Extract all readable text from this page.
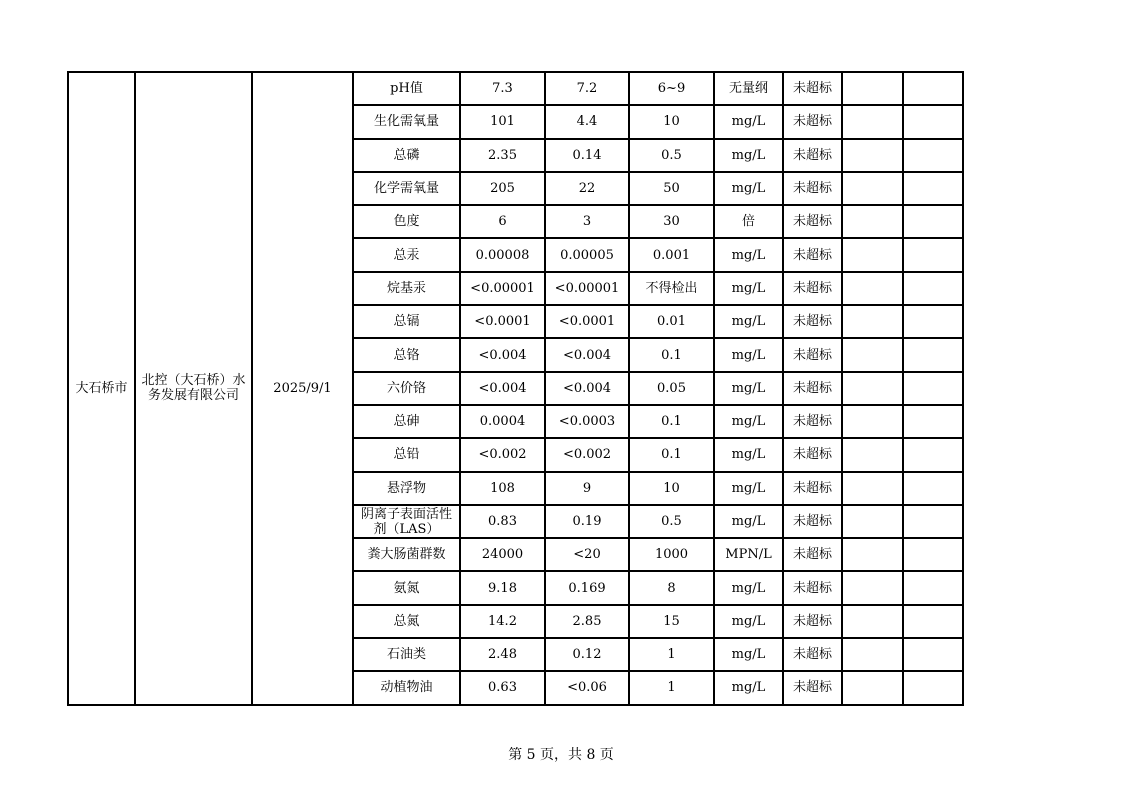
大石桥市	北控（大石桥）水务发展有限公司	2025/9/1	pH值	7.3	7.2	6~9	无量纲	未超标		
			生化需氧量	101	4.4	10	mg/L	未超标		
			总磷	2.35	0.14	0.5	mg/L	未超标		
			化学需氧量	205	22	50	mg/L	未超标		
			色度	6	3	30	倍	未超标		
			总汞	0.00008	0.00005	0.001	mg/L	未超标		
			烷基汞	<0.00001	<0.00001	不得检出	mg/L	未超标		
			总镉	<0.0001	<0.0001	0.01	mg/L	未超标		
			总铬	<0.004	<0.004	0.1	mg/L	未超标		
			六价铬	<0.004	<0.004	0.05	mg/L	未超标		
			总砷	0.0004	<0.0003	0.1	mg/L	未超标		
			总铅	<0.002	<0.002	0.1	mg/L	未超标		
			悬浮物	108	9	10	mg/L	未超标		
			阴离子表面活性剂（LAS）	0.83	0.19	0.5	mg/L	未超标		
			粪大肠菌群数	24000	<20	1000	MPN/L	未超标		
			氨氮	9.18	0.169	8	mg/L	未超标		
			总氮	14.2	2.85	15	mg/L	未超标		
			石油类	2.48	0.12	1	mg/L	未超标		
			动植物油	0.63	<0.06	1	mg/L	未超标		
第 5 页，共 8 页
